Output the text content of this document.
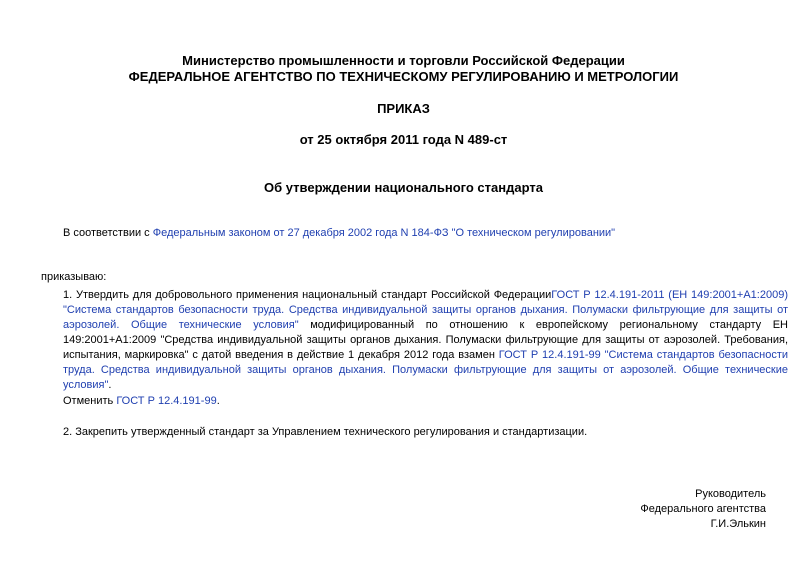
Министерство промышленности и торговли Российской Федерации
ФЕДЕРАЛЬНОЕ АГЕНТСТВО ПО ТЕХНИЧЕСКОМУ РЕГУЛИРОВАНИЮ И МЕТРОЛОГИИ
ПРИКАЗ
от 25 октября 2011 года N 489-ст
Об утверждении национального стандарта
В соответствии с Федеральным законом от 27 декабря 2002 года N 184-ФЗ "О техническом регулировании"
приказываю:
1. Утвердить для добровольного применения национальный стандарт Российской ФедерацииГОСТ Р 12.4.191-2011 (ЕН 149:2001+А1:2009) "Система стандартов безопасности труда. Средства индивидуальной защиты органов дыхания. Полумаски фильтрующие для защиты от аэрозолей. Общие технические условия" модифицированный по отношению к европейскому региональному стандарту ЕН 149:2001+А1:2009 "Средства индивидуальной защиты органов дыхания. Полумаски фильтрующие для защиты от аэрозолей. Требования, испытания, маркировка" с датой введения в действие 1 декабря 2012 года взамен ГОСТ Р 12.4.191-99 "Система стандартов безопасности труда. Средства индивидуальной защиты органов дыхания. Полумаски фильтрующие для защиты от аэрозолей. Общие технические условия".
Отменить ГОСТ Р 12.4.191-99.
2. Закрепить утвержденный стандарт за Управлением технического регулирования и стандартизации.
Руководитель
Федерального агентства
Г.И.Элькин
